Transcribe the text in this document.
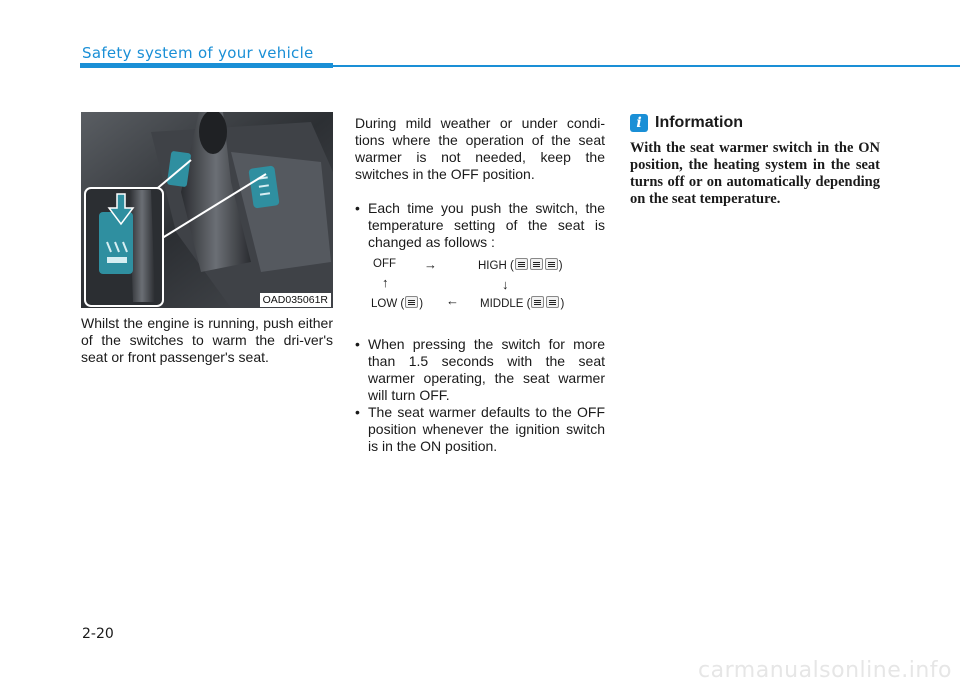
Safety system of your vehicle
OAD035061R

Whilst the engine is running, push either of the switches to warm the dri-ver's seat or front passenger's seat.

During mild weather or under condi-tions where the operation of the seat warmer is not needed, keep the switches in the OFF position.

• Each time you push the switch, the temperature setting of the seat is changed as follows :

OFF →	HIGH (	)
↑	↓
LOW ( ) ← MIDDLE (	)

• When pressing the switch for more than 1.5 seconds with the seat warmer operating, the seat warmer will turn OFF.

• The seat warmer defaults to the OFF position whenever the ignition switch is in the ON position.

i Information

With the seat warmer switch in the ON position, the heating system in the seat turns off or on automatically depending on the seat temperature.

2-20
carmanualsonline.info
